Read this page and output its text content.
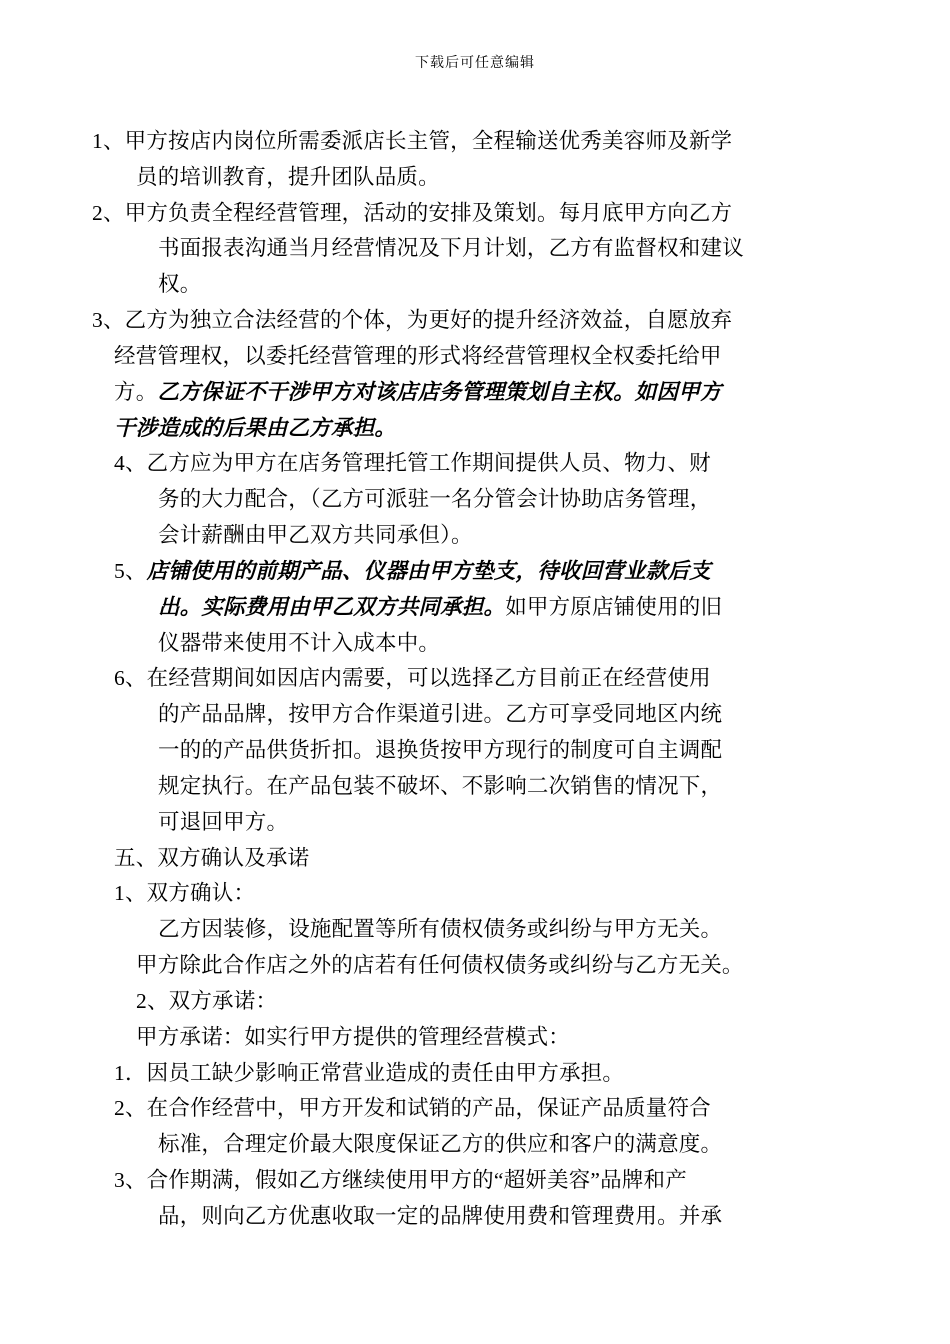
下载后可任意编辑

1、甲方按店内岗位所需委派店长主管，全程输送优秀美容师及新学

员的培训教育，提升团队品质。

2、甲方负责全程经营管理，活动的安排及策划。每月底甲方向乙方

书面报表沟通当月经营情况及下月计划，乙方有监督权和建议

权。

3、乙方为独立合法经营的个体，为更好的提升经济效益，自愿放弃

经营管理权，以委托经营管理的形式将经营管理权全权委托给甲

方。乙方保证不干涉甲方对该店店务管理策划自主权。如因甲方

干涉造成的后果由乙方承担。

4、乙方应为甲方在店务管理托管工作期间提供人员、物力、财

务的大力配合，（乙方可派驻一名分管会计协助店务管理，

会计薪酬由甲乙双方共同承但）。

5、店铺使用的前期产品、仪器由甲方垫支，待收回营业款后支

出。实际费用由甲乙双方共同承担。如甲方原店铺使用的旧

仪器带来使用不计入成本中。

6、在经营期间如因店内需要，可以选择乙方目前正在经营使用

的产品品牌，按甲方合作渠道引进。乙方可享受同地区内统

一的的产品供货折扣。退换货按甲方现行的制度可自主调配

规定执行。在产品包装不破坏、不影响二次销售的情况下，

可退回甲方。

五、双方确认及承诺

1、双方确认：

乙方因装修，设施配置等所有债权债务或纠纷与甲方无关。

甲方除此合作店之外的店若有任何债权债务或纠纷与乙方无关。

2、双方承诺：

甲方承诺：如实行甲方提供的管理经营模式：

1．因员工缺少影响正常营业造成的责任由甲方承担。

2、在合作经营中，甲方开发和试销的产品，保证产品质量符合

标准，合理定价最大限度保证乙方的供应和客户的满意度。

3、合作期满，假如乙方继续使用甲方的“超妍美容”品牌和产

品，则向乙方优惠收取一定的品牌使用费和管理费用。并承
